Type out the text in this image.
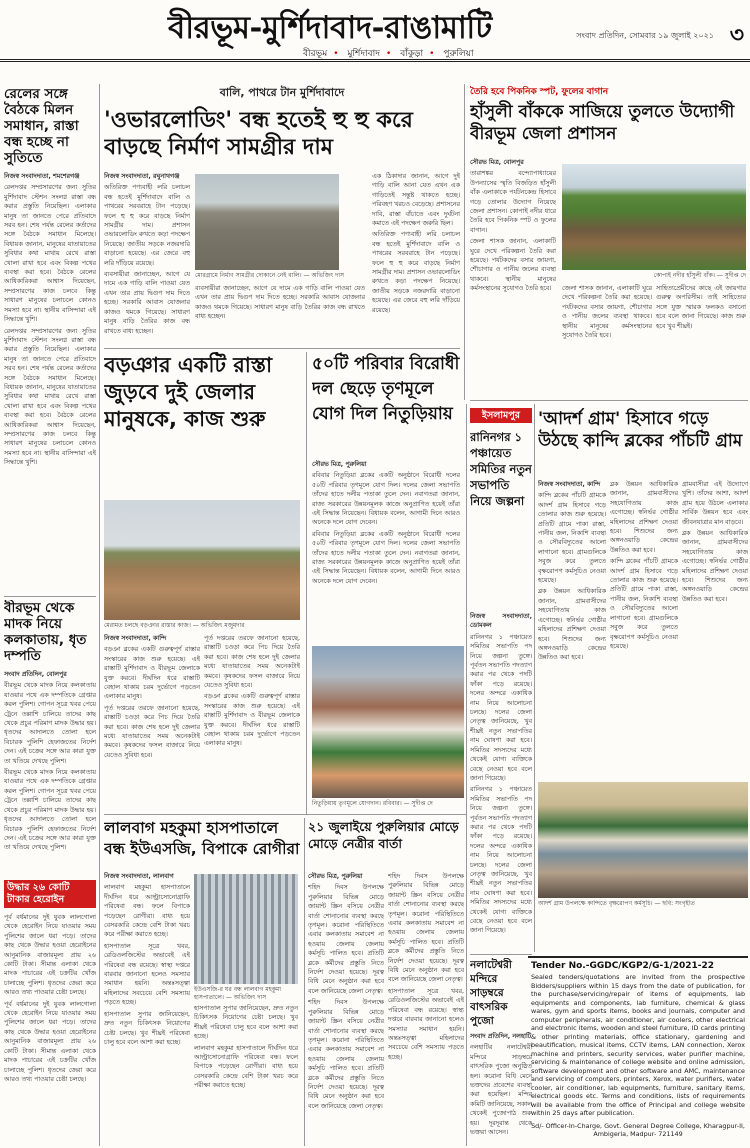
বীরভূম-মুর্শিদাবাদ-রাঙামাটি	সংবাদ প্রতিদিন, সোমবার ১৯ জুলাই ২০২১ ৩
বীরভূম • মুর্শিদাবাদ • বাঁকুড়া • পুরুলিয়া
রেলের সঙ্গে বৈঠকে মিলন সমাধান, রাস্তা বন্ধ হচ্ছে না সুতিতে

নিজস্ব সংবাদদাতা, শমশেরগঞ্জ

রেলদপ্তর সম্প্রসারণের জন্য সুতির মুর্শিদাবাদ স্টেশন সংলগ্ন রাস্তা বন্ধ করার প্রস্তুতি নিয়েছিল। এলাকার মানুষ তা জানতে পেরে প্রতিবাদে সরব হন। শেষ পর্যন্ত রেলের কর্তাদের সঙ্গে বৈঠকে সমাধান মিলেছে। বিধায়ক জানান, মানুষের যাতায়াতের সুবিধার কথা মাথায় রেখে রাস্তা খোলা রাখা হবে এবং বিকল্প পথের ব্যবস্থা করা হবে। বৈঠকে রেলের আধিকারিকরা আশ্বাস দিয়েছেন, সম্প্রসারণের কাজ চলবে কিন্তু সাধারণ মানুষের চলাচলে কোনও সমস্যা হবে না। স্থানীয় বাসিন্দারা এই সিদ্ধান্তে খুশি।

রেলদপ্তর সম্প্রসারণের জন্য সুতির মুর্শিদাবাদ স্টেশন সংলগ্ন রাস্তা বন্ধ করার প্রস্তুতি নিয়েছিল। এলাকার মানুষ তা জানতে পেরে প্রতিবাদে সরব হন। শেষ পর্যন্ত রেলের কর্তাদের সঙ্গে বৈঠকে সমাধান মিলেছে। বিধায়ক জানান, মানুষের যাতায়াতের সুবিধার কথা মাথায় রেখে রাস্তা খোলা রাখা হবে এবং বিকল্প পথের ব্যবস্থা করা হবে। বৈঠকে রেলের আধিকারিকরা আশ্বাস দিয়েছেন, সম্প্রসারণের কাজ চলবে কিন্তু সাধারণ মানুষের চলাচলে কোনও সমস্যা হবে না। স্থানীয় বাসিন্দারা এই সিদ্ধান্তে খুশি।

বীরভূম থেকে মাদক নিয়ে কলকাতায়, ধৃত দম্পতি

সংবাদ প্রতিদিন, বোলপুর

বীরভূম থেকে মাদক নিয়ে কলকাতায় যাওয়ার পথে এক দম্পতিকে গ্রেপ্তার করল পুলিশ। গোপন সূত্রে খবর পেয়ে ট্রেনে তল্লাশি চালিয়ে তাদের কাছ থেকে প্রচুর পরিমাণ মাদক উদ্ধার হয়। ধৃতদের আদালতে তোলা হলে বিচারক পুলিশি হেফাজতের নির্দেশ দেন। এই চক্রের সঙ্গে আর কারা যুক্ত তা খতিয়ে দেখছে পুলিশ।

বীরভূম থেকে মাদক নিয়ে কলকাতায় যাওয়ার পথে এক দম্পতিকে গ্রেপ্তার করল পুলিশ। গোপন সূত্রে খবর পেয়ে ট্রেনে তল্লাশি চালিয়ে তাদের কাছ থেকে প্রচুর পরিমাণ মাদক উদ্ধার হয়। ধৃতদের আদালতে তোলা হলে বিচারক পুলিশি হেফাজতের নির্দেশ দেন। এই চক্রের সঙ্গে আর কারা যুক্ত তা খতিয়ে দেখছে পুলিশ।

উদ্ধার ২৬ কোটি টাকার হেরোইন

পূর্ব বর্ধমানের দুই যুবক লালগোলা থেকে হেরোইন নিয়ে যাওয়ার সময় পুলিশের জালে ধরা পড়ে। তাদের কাছ থেকে উদ্ধার হওয়া হেরোইনের আনুমানিক বাজারমূল্য প্রায় ২৬ কোটি টাকা। সীমান্ত এলাকা থেকে মাদক পাচারের এই চক্রটির খোঁজ চালাচ্ছে পুলিশ। ধৃতদের জেরা করে আরও তথ্য পাওয়ার চেষ্টা চলছে।

পূর্ব বর্ধমানের দুই যুবক লালগোলা থেকে হেরোইন নিয়ে যাওয়ার সময় পুলিশের জালে ধরা পড়ে। তাদের কাছ থেকে উদ্ধার হওয়া হেরোইনের আনুমানিক বাজারমূল্য প্রায় ২৬ কোটি টাকা। সীমান্ত এলাকা থেকে মাদক পাচারের এই চক্রটির খোঁজ চালাচ্ছে পুলিশ। ধৃতদের জেরা করে আরও তথ্য পাওয়ার চেষ্টা চলছে।

বালি, পাথরে টান মুর্শিদাবাদে
'ওভারলোডিং' বন্ধ হতেই হু হু করে বাড়ছে নির্মাণ সামগ্রীর দাম

নিজস্ব সংবাদদাতা, রঘুনাথগঞ্জ

অতিরিক্ত পণ্যবাহী লরি চলাচল বন্ধ হতেই মুর্শিদাবাদে বালি ও পাথরের সরবরাহে টান পড়েছে। ফলে হু হু করে বাড়ছে নির্মাণ সামগ্রীর দাম। প্রশাসন ওভারলোডিং রুখতে কড়া পদক্ষেপ নিয়েছে। জাতীয় সড়কে নজরদারি বাড়ানো হয়েছে। এর জেরে বহু লরি দাঁড়িয়ে রয়েছে।

ব্যবসায়ীরা জানাচ্ছেন, আগে যে দামে এক গাড়ি বালি পাওয়া যেত এখন তার প্রায় দ্বিগুণ দাম দিতে হচ্ছে। সরকারি আবাস যোজনার কাজও থমকে গিয়েছে। সাধারণ মানুষ বাড়ি তৈরির কাজ বন্ধ রাখতে বাধ্য হচ্ছেন।

মোরগ্রামে নির্মাণ সামগ্রীর দোকানে নেই বালি। — অভিজিৎ দাস

ব্যবসায়ীরা জানাচ্ছেন, আগে যে দামে এক গাড়ি বালি পাওয়া যেত এখন তার প্রায় দ্বিগুণ দাম দিতে হচ্ছে। সরকারি আবাস যোজনার কাজও থমকে গিয়েছে। সাধারণ মানুষ বাড়ি তৈরির কাজ বন্ধ রাখতে বাধ্য হচ্ছেন।

এক ঠিকাদার জানান, আগে দুই গাড়ি বালি আনা যেত এখন এক গাড়িতেই সন্তুষ্ট থাকতে হচ্ছে। পরিবহণ খরচও বেড়েছে। প্রশাসনের দাবি, রাস্তা বাঁচাতে এবং দুর্ঘটনা কমাতে এই পদক্ষেপ জরুরি ছিল।

অতিরিক্ত পণ্যবাহী লরি চলাচল বন্ধ হতেই মুর্শিদাবাদে বালি ও পাথরের সরবরাহে টান পড়েছে। ফলে হু হু করে বাড়ছে নির্মাণ সামগ্রীর দাম। প্রশাসন ওভারলোডিং রুখতে কড়া পদক্ষেপ নিয়েছে। জাতীয় সড়কে নজরদারি বাড়ানো হয়েছে। এর জেরে বহু লরি দাঁড়িয়ে রয়েছে।

তৈরি হবে পিকনিক স্পট, ফুলের বাগান
হাঁসুলী বাঁককে সাজিয়ে তুলতে উদ্যোগী বীরভূম জেলা প্রশাসন

সৌরভ মিত্র, বোলপুর

তারাশঙ্কর বন্দ্যোপাধ্যায়ের উপন্যাসের স্মৃতি বিজড়িত হাঁসুলী বাঁক এলাকাকে পর্যটনকেন্দ্র হিসাবে গড়ে তোলার উদ্যোগ নিয়েছে জেলা প্রশাসন। কোপাই নদীর ধারে তৈরি হবে পিকনিক স্পট ও ফুলের বাগান।

জেলা শাসক জানান, এলাকাটি ঘুরে দেখে পরিকল্পনা তৈরি করা হয়েছে। পর্যটকদের বসার জায়গা, শৌচাগার ও পানীয় জলের ব্যবস্থা থাকবে। স্থানীয় মানুষের কর্মসংস্থানের সুযোগও তৈরি হবে।

কোপাই নদীর হাঁসুলী বাঁক। — সুদীপ্ত দে

জেলা শাসক জানান, এলাকাটি ঘুরে দেখে পরিকল্পনা তৈরি করা হয়েছে। পর্যটকদের বসার জায়গা, শৌচাগার ও পানীয় জলের ব্যবস্থা থাকবে। স্থানীয় মানুষের কর্মসংস্থানের সুযোগও তৈরি হবে।

সাহিত্যপ্রেমীদের কাছে এই জায়গার গুরুত্ব অপরিসীম। তাই সাহিত্যের সঙ্গে যুক্ত স্মারক ফলকও বসানো হবে বলে জানা গিয়েছে। কাজ শুরু হবে খুব শীঘ্রই।

বড়ঞার একটি রাস্তা জুড়বে দুই জেলার মানুষকে, কাজ শুরু
মেরামত চলছে বড়ঞার রাস্তার কাজ। — অভিজিৎ মজুমদার

নিজস্ব সংবাদদাতা, কান্দি

বড়ঞা ব্লকের একটি গুরুত্বপূর্ণ রাস্তার সংস্কারের কাজ শুরু হয়েছে। এই রাস্তাটি মুর্শিদাবাদ ও বীরভূম জেলাকে যুক্ত করবে। দীর্ঘদিন ধরে রাস্তাটি বেহাল থাকায় চরম দুর্ভোগে পড়তেন এলাকার মানুষ।

পূর্ত দপ্তরের তরফে জানানো হয়েছে, রাস্তাটি চওড়া করে পিচ দিয়ে তৈরি করা হবে। কাজ শেষ হলে দুই জেলার মধ্যে যাতায়াতের সময় অনেকটাই কমবে। কৃষকদের ফসল বাজারে নিয়ে যেতেও সুবিধা হবে।

পূর্ত দপ্তরের তরফে জানানো হয়েছে, রাস্তাটি চওড়া করে পিচ দিয়ে তৈরি করা হবে। কাজ শেষ হলে দুই জেলার মধ্যে যাতায়াতের সময় অনেকটাই কমবে। কৃষকদের ফসল বাজারে নিয়ে যেতেও সুবিধা হবে।

বড়ঞা ব্লকের একটি গুরুত্বপূর্ণ রাস্তার সংস্কারের কাজ শুরু হয়েছে। এই রাস্তাটি মুর্শিদাবাদ ও বীরভূম জেলাকে যুক্ত করবে। দীর্ঘদিন ধরে রাস্তাটি বেহাল থাকায় চরম দুর্ভোগে পড়তেন এলাকার মানুষ।

৫০টি পরিবার বিরোধী দল ছেড়ে তৃণমূলে যোগ দিল নিতুড়িয়ায়

সৌরভ মিত্র, পুরুলিয়া

রবিবার নিতুড়িয়া ব্লকের একটি অনুষ্ঠানে বিরোধী দলের ৫০টি পরিবার তৃণমূলে যোগ দিল। দলের জেলা সভাপতি তাঁদের হাতে দলীয় পতাকা তুলে দেন। নবাগতরা জানান, রাজ্য সরকারের উন্নয়নমূলক কাজে অনুপ্রাণিত হয়েই তাঁরা এই সিদ্ধান্ত নিয়েছেন। বিধায়ক বলেন, আগামী দিনে আরও অনেকে দলে যোগ দেবেন।

রবিবার নিতুড়িয়া ব্লকের একটি অনুষ্ঠানে বিরোধী দলের ৫০টি পরিবার তৃণমূলে যোগ দিল। দলের জেলা সভাপতি তাঁদের হাতে দলীয় পতাকা তুলে দেন। নবাগতরা জানান, রাজ্য সরকারের উন্নয়নমূলক কাজে অনুপ্রাণিত হয়েই তাঁরা এই সিদ্ধান্ত নিয়েছেন। বিধায়ক বলেন, আগামী দিনে আরও অনেকে দলে যোগ দেবেন।

নিতুড়িয়ায় তৃণমূলে যোগদান। রবিবার। — সুদীপ্ত দে
ইসলামপুর
রানিনগর ১ পঞ্চায়েত সমিতির নতুন সভাপতি নিয়ে জল্পনা

নিজস্ব সংবাদদাতা, ডোমকল

রানিনগর ১ পঞ্চায়েত সমিতির সভাপতি পদ নিয়ে জল্পনা তুঙ্গে। পূর্বতন সভাপতি পদত্যাগ করার পর থেকে পদটি ফাঁকা পড়ে রয়েছে। দলের অন্দরে একাধিক নাম নিয়ে আলোচনা চলছে। দলের জেলা নেতৃত্ব জানিয়েছে, খুব শীঘ্রই নতুন সভাপতির নাম ঘোষণা করা হবে। সমিতির সদস্যদের মধ্যে থেকেই যোগ্য ব্যক্তিকে বেছে নেওয়া হবে বলে জানা গিয়েছে।

রানিনগর ১ পঞ্চায়েত সমিতির সভাপতি পদ নিয়ে জল্পনা তুঙ্গে। পূর্বতন সভাপতি পদত্যাগ করার পর থেকে পদটি ফাঁকা পড়ে রয়েছে। দলের অন্দরে একাধিক নাম নিয়ে আলোচনা চলছে। দলের জেলা নেতৃত্ব জানিয়েছে, খুব শীঘ্রই নতুন সভাপতির নাম ঘোষণা করা হবে। সমিতির সদস্যদের মধ্যে থেকেই যোগ্য ব্যক্তিকে বেছে নেওয়া হবে বলে জানা গিয়েছে।

'আদর্শ গ্রাম' হিসাবে গড়ে উঠছে কান্দি ব্লকের পাঁচটি গ্রাম

নিজস্ব সংবাদদাতা, কান্দি

কান্দি ব্লকের পাঁচটি গ্রামকে আদর্শ গ্রাম হিসাবে গড়ে তোলার কাজ শুরু হয়েছে। প্রতিটি গ্রামে পাকা রাস্তা, পানীয় জল, নিকাশি ব্যবস্থা ও সৌরবিদ্যুতের আলো লাগানো হবে। গ্রামগুলিকে সবুজ করে তুলতে বৃক্ষরোপণ কর্মসূচিও নেওয়া হয়েছে।

ব্লক উন্নয়ন আধিকারিক জানান, গ্রামবাসীদের সহযোগিতায় কাজ এগোচ্ছে। স্বনির্ভর গোষ্ঠীর মহিলাদের প্রশিক্ষণ দেওয়া হবে। শিশুদের জন্য অঙ্গনওয়াড়ি কেন্দ্রের উন্নতিও করা হবে।

ব্লক উন্নয়ন আধিকারিক জানান, গ্রামবাসীদের সহযোগিতায় কাজ এগোচ্ছে। স্বনির্ভর গোষ্ঠীর মহিলাদের প্রশিক্ষণ দেওয়া হবে। শিশুদের জন্য অঙ্গনওয়াড়ি কেন্দ্রের উন্নতিও করা হবে।

কান্দি ব্লকের পাঁচটি গ্রামকে আদর্শ গ্রাম হিসাবে গড়ে তোলার কাজ শুরু হয়েছে। প্রতিটি গ্রামে পাকা রাস্তা, পানীয় জল, নিকাশি ব্যবস্থা ও সৌরবিদ্যুতের আলো লাগানো হবে। গ্রামগুলিকে সবুজ করে তুলতে বৃক্ষরোপণ কর্মসূচিও নেওয়া হয়েছে।

গ্রামবাসীরা এই উদ্যোগে খুশি। তাঁদের আশা, আদর্শ গ্রাম হয়ে উঠলে এলাকার সার্বিক উন্নয়ন হবে এবং জীবনযাত্রার মান বাড়বে।

ব্লক উন্নয়ন আধিকারিক জানান, গ্রামবাসীদের সহযোগিতায় কাজ এগোচ্ছে। স্বনির্ভর গোষ্ঠীর মহিলাদের প্রশিক্ষণ দেওয়া হবে। শিশুদের জন্য অঙ্গনওয়াড়ি কেন্দ্রের উন্নতিও করা হবে।

আদর্শ গ্রাম উপলক্ষে কান্দিতে বৃক্ষরোপণ কর্মসূচি। — ছবি: সংগৃহীত
লালবাগ মহকুমা হাসপাতালে বন্ধ ইউএসজি, বিপাকে রোগীরা

নিজস্ব সংবাদদাতা, লালবাগ

লালবাগ মহকুমা হাসপাতালে দীর্ঘদিন ধরে আল্ট্রাসোনোগ্রাফি পরিষেবা বন্ধ। ফলে বিপাকে পড়েছেন রোগীরা। বাধ্য হয়ে বেসরকারি কেন্দ্রে বেশি টাকা খরচ করে পরীক্ষা করাতে হচ্ছে।

হাসপাতাল সূত্রে খবর, রেডিওলজিস্টের অভাবেই এই পরিষেবা বন্ধ রয়েছে। স্বাস্থ্য দপ্তরে বারবার জানানো হলেও সমস্যার সমাধান হয়নি। অন্তঃসত্ত্বা মহিলাদের সবচেয়ে বেশি সমস্যায় পড়তে হচ্ছে।

হাসপাতাল সুপার জানিয়েছেন, দ্রুত নতুন চিকিৎসক নিয়োগের চেষ্টা চলছে। খুব শীঘ্রই পরিষেবা চালু হবে বলে আশা করা হচ্ছে।

ইউএসজি-র ঘর বন্ধ লালবাগ মহকুমা হাসপাতালে। — অভিজিৎ দাস

হাসপাতাল সুপার জানিয়েছেন, দ্রুত নতুন চিকিৎসক নিয়োগের চেষ্টা চলছে। খুব শীঘ্রই পরিষেবা চালু হবে বলে আশা করা হচ্ছে।

লালবাগ মহকুমা হাসপাতালে দীর্ঘদিন ধরে আল্ট্রাসোনোগ্রাফি পরিষেবা বন্ধ। ফলে বিপাকে পড়েছেন রোগীরা। বাধ্য হয়ে বেসরকারি কেন্দ্রে বেশি টাকা খরচ করে পরীক্ষা করাতে হচ্ছে।

২১ জুলাইয়ে পুরুলিয়ার মোড়ে মোড়ে নেত্রীর বার্তা

সৌরভ মিত্র, পুরুলিয়া

শহিদ দিবস উপলক্ষে পুরুলিয়ার বিভিন্ন মোড়ে জায়ান্ট স্ক্রিন বসিয়ে নেত্রীর বার্তা শোনানোর ব্যবস্থা করছে তৃণমূল। করোনা পরিস্থিতিতে এবার কলকাতায় সমাবেশ না হওয়ায় জেলায় জেলায় কর্মসূচি পালিত হবে। প্রতিটি ব্লকে কর্মীদের প্রস্তুতি নিতে নির্দেশ দেওয়া হয়েছে। দূরত্ব বিধি মেনে অনুষ্ঠান করা হবে বলে জানিয়েছে জেলা নেতৃত্ব।

শহিদ দিবস উপলক্ষে পুরুলিয়ার বিভিন্ন মোড়ে জায়ান্ট স্ক্রিন বসিয়ে নেত্রীর বার্তা শোনানোর ব্যবস্থা করছে তৃণমূল। করোনা পরিস্থিতিতে এবার কলকাতায় সমাবেশ না হওয়ায় জেলায় জেলায় কর্মসূচি পালিত হবে। প্রতিটি ব্লকে কর্মীদের প্রস্তুতি নিতে নির্দেশ দেওয়া হয়েছে। দূরত্ব বিধি মেনে অনুষ্ঠান করা হবে বলে জানিয়েছে জেলা নেতৃত্ব।

শহিদ দিবস উপলক্ষে পুরুলিয়ার বিভিন্ন মোড়ে জায়ান্ট স্ক্রিন বসিয়ে নেত্রীর বার্তা শোনানোর ব্যবস্থা করছে তৃণমূল। করোনা পরিস্থিতিতে এবার কলকাতায় সমাবেশ না হওয়ায় জেলায় জেলায় কর্মসূচি পালিত হবে। প্রতিটি ব্লকে কর্মীদের প্রস্তুতি নিতে নির্দেশ দেওয়া হয়েছে। দূরত্ব বিধি মেনে অনুষ্ঠান করা হবে বলে জানিয়েছে জেলা নেতৃত্ব।

হাসপাতাল সূত্রে খবর, রেডিওলজিস্টের অভাবেই এই পরিষেবা বন্ধ রয়েছে। স্বাস্থ্য দপ্তরে বারবার জানানো হলেও সমস্যার সমাধান হয়নি। অন্তঃসত্ত্বা মহিলাদের সবচেয়ে বেশি সমস্যায় পড়তে হচ্ছে।

নলাটেশ্বরী মন্দিরে সাড়ম্বরে বাৎসরিক পুজো

সংবাদ প্রতিদিন, নলহাটি

নলহাটির নলাটেশ্বরী মন্দিরে সাড়ম্বরে বাৎসরিক পুজো অনুষ্ঠিত হল। করোনা বিধি মেনে ভক্তদের প্রবেশের ব্যবস্থা করা হয়েছিল। মন্দির কমিটি জানিয়েছে, সকাল থেকেই পুজোপাঠ শুরু হয়। দূরদূরান্ত থেকে ভক্তরা আসেন।

Tender No.-GGDC/KGP2/G-1/2021-22
Sealed tenders/quotations are invited from the prospective Bidders/suppliers within 15 days from the date of publication, for the purchase/servicing/repair of items of equipments, lab equipments and components, lab furniture, chemical & glass wares, gym and sports items, books and journals, computer and computer peripherals, air conditioner, air coolers, other electrical and electronic items, wooden and steel furniture, ID cards printing & other printing materials, office stationary, gardening and beautification, musical items, CCTV items, LAN connection, Xerox machine and printers, security services, water purifier machine, servicing & maintenance of college website and online admission, software development and other software and AMC, maintenance and servicing of computers, printers, Xerox, water purifiers, water cooler, air conditioner, lab equipments, furniture, sanitary items, electrical goods etc. Terms and conditions, lists of requirements will be available from the office of Principal and college website within 25 days after publication.
Sd/- Officer-In-Charge, Govt. General Degree College, Kharagpur-II, Ambigeria, Madpur- 721149
